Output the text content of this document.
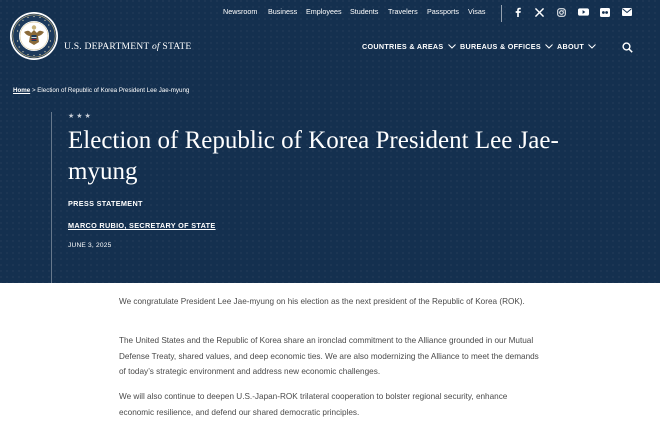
Newsroom Business Employees Students Travelers Passports Visas
U.S. DEPARTMENT of STATE	COUNTRIES & AREAS BUREAUS & OFFICES ABOUT
Home > Election of Republic of Korea President Lee Jae-myung
★★★
Election of Republic of Korea President Lee Jae-myung
PRESS STATEMENT
MARCO RUBIO, SECRETARY OF STATE
JUNE 3, 2025

We congratulate President Lee Jae-myung on his election as the next president of the Republic of Korea (ROK).

The United States and the Republic of Korea share an ironclad commitment to the Alliance grounded in our Mutual Defense Treaty, shared values, and deep economic ties. We are also modernizing the Alliance to meet the demands of today’s strategic environment and address new economic challenges.

We will also continue to deepen U.S.-Japan-ROK trilateral cooperation to bolster regional security, enhance economic resilience, and defend our shared democratic principles.
